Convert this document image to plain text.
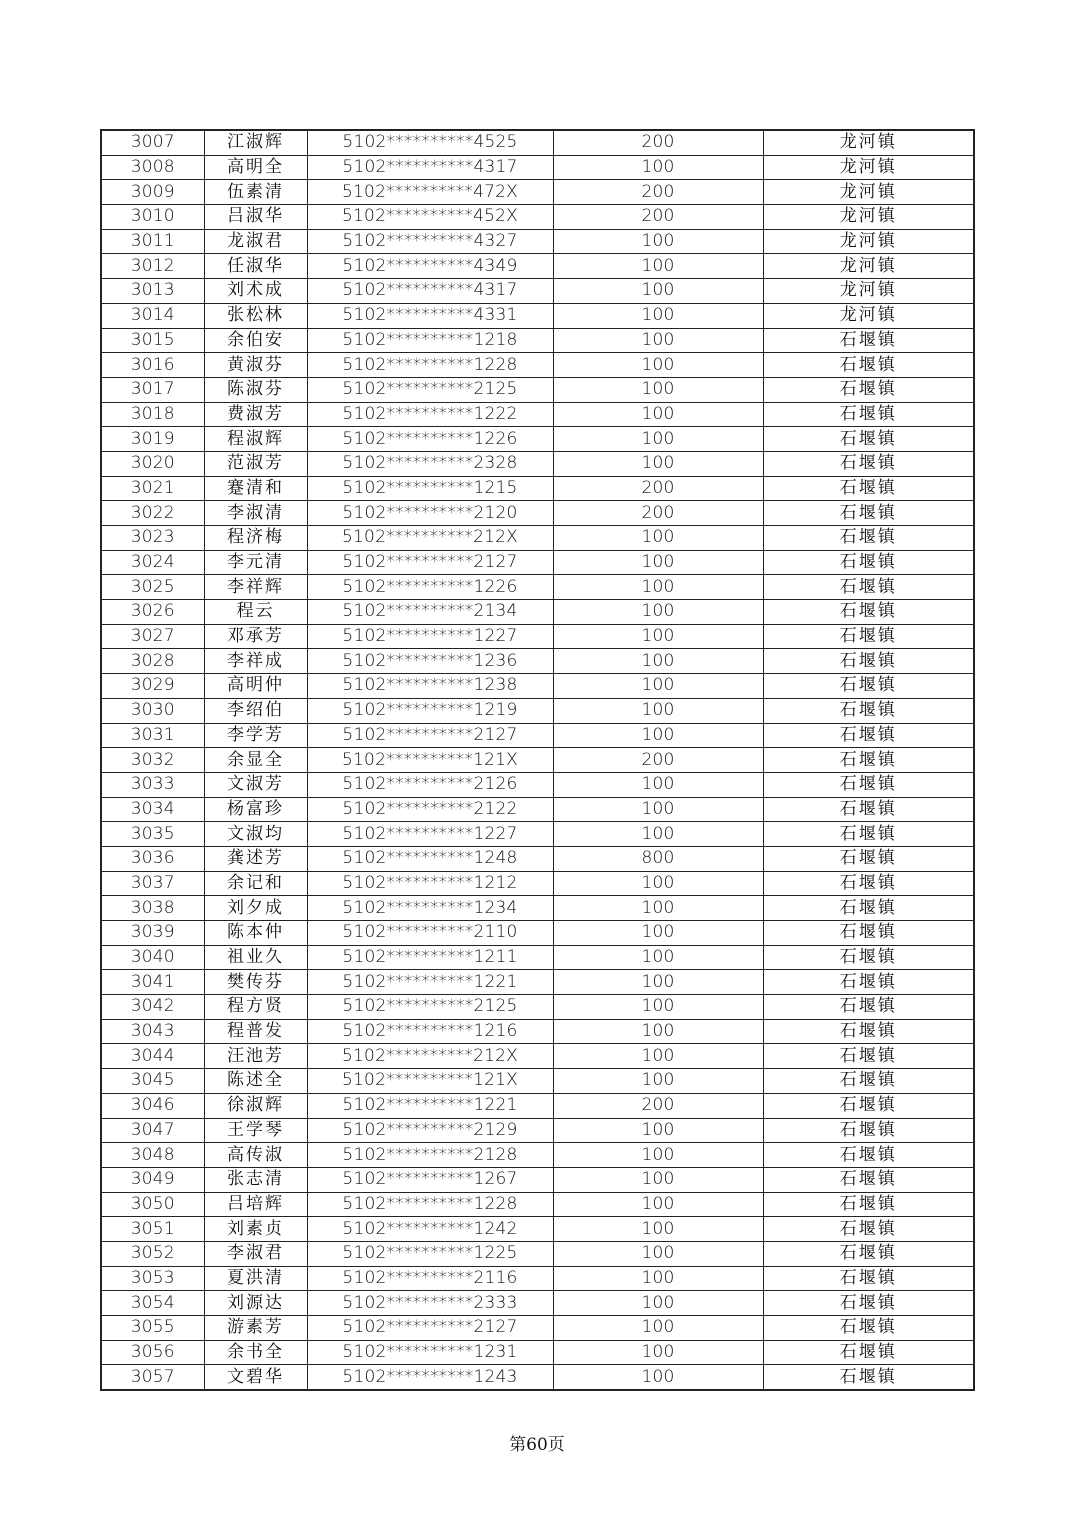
3007	江淑辉	5102**********4525	200	龙河镇
3008	高明全	5102**********4317	100	龙河镇
3009	伍素清	5102**********472X	200	龙河镇
3010	吕淑华	5102**********452X	200	龙河镇
3011	龙淑君	5102**********4327	100	龙河镇
3012	任淑华	5102**********4349	100	龙河镇
3013	刘术成	5102**********4317	100	龙河镇
3014	张松林	5102**********4331	100	龙河镇
3015	余伯安	5102**********1218	100	石堰镇
3016	黄淑芬	5102**********1228	100	石堰镇
3017	陈淑芬	5102**********2125	100	石堰镇
3018	费淑芳	5102**********1222	100	石堰镇
3019	程淑辉	5102**********1226	100	石堰镇
3020	范淑芳	5102**********2328	100	石堰镇
3021	蹇清和	5102**********1215	200	石堰镇
3022	李淑清	5102**********2120	200	石堰镇
3023	程济梅	5102**********212X	100	石堰镇
3024	李元清	5102**********2127	100	石堰镇
3025	李祥辉	5102**********1226	100	石堰镇
3026	程云	5102**********2134	100	石堰镇
3027	邓承芳	5102**********1227	100	石堰镇
3028	李祥成	5102**********1236	100	石堰镇
3029	高明仲	5102**********1238	100	石堰镇
3030	李绍伯	5102**********1219	100	石堰镇
3031	李学芳	5102**********2127	100	石堰镇
3032	余显全	5102**********121X	200	石堰镇
3033	文淑芳	5102**********2126	100	石堰镇
3034	杨富珍	5102**********2122	100	石堰镇
3035	文淑均	5102**********1227	100	石堰镇
3036	龚述芳	5102**********1248	800	石堰镇
3037	余记和	5102**********1212	100	石堰镇
3038	刘夕成	5102**********1234	100	石堰镇
3039	陈本仲	5102**********2110	100	石堰镇
3040	祖业久	5102**********1211	100	石堰镇
3041	樊传芬	5102**********1221	100	石堰镇
3042	程方贤	5102**********2125	100	石堰镇
3043	程普发	5102**********1216	100	石堰镇
3044	汪池芳	5102**********212X	100	石堰镇
3045	陈述全	5102**********121X	100	石堰镇
3046	徐淑辉	5102**********1221	200	石堰镇
3047	王学琴	5102**********2129	100	石堰镇
3048	高传淑	5102**********2128	100	石堰镇
3049	张志清	5102**********1267	100	石堰镇
3050	吕培辉	5102**********1228	100	石堰镇
3051	刘素贞	5102**********1242	100	石堰镇
3052	李淑君	5102**********1225	100	石堰镇
3053	夏洪清	5102**********2116	100	石堰镇
3054	刘源达	5102**********2333	100	石堰镇
3055	游素芳	5102**********2127	100	石堰镇
3056	余书全	5102**********1231	100	石堰镇
3057	文碧华	5102**********1243	100	石堰镇
第60页
